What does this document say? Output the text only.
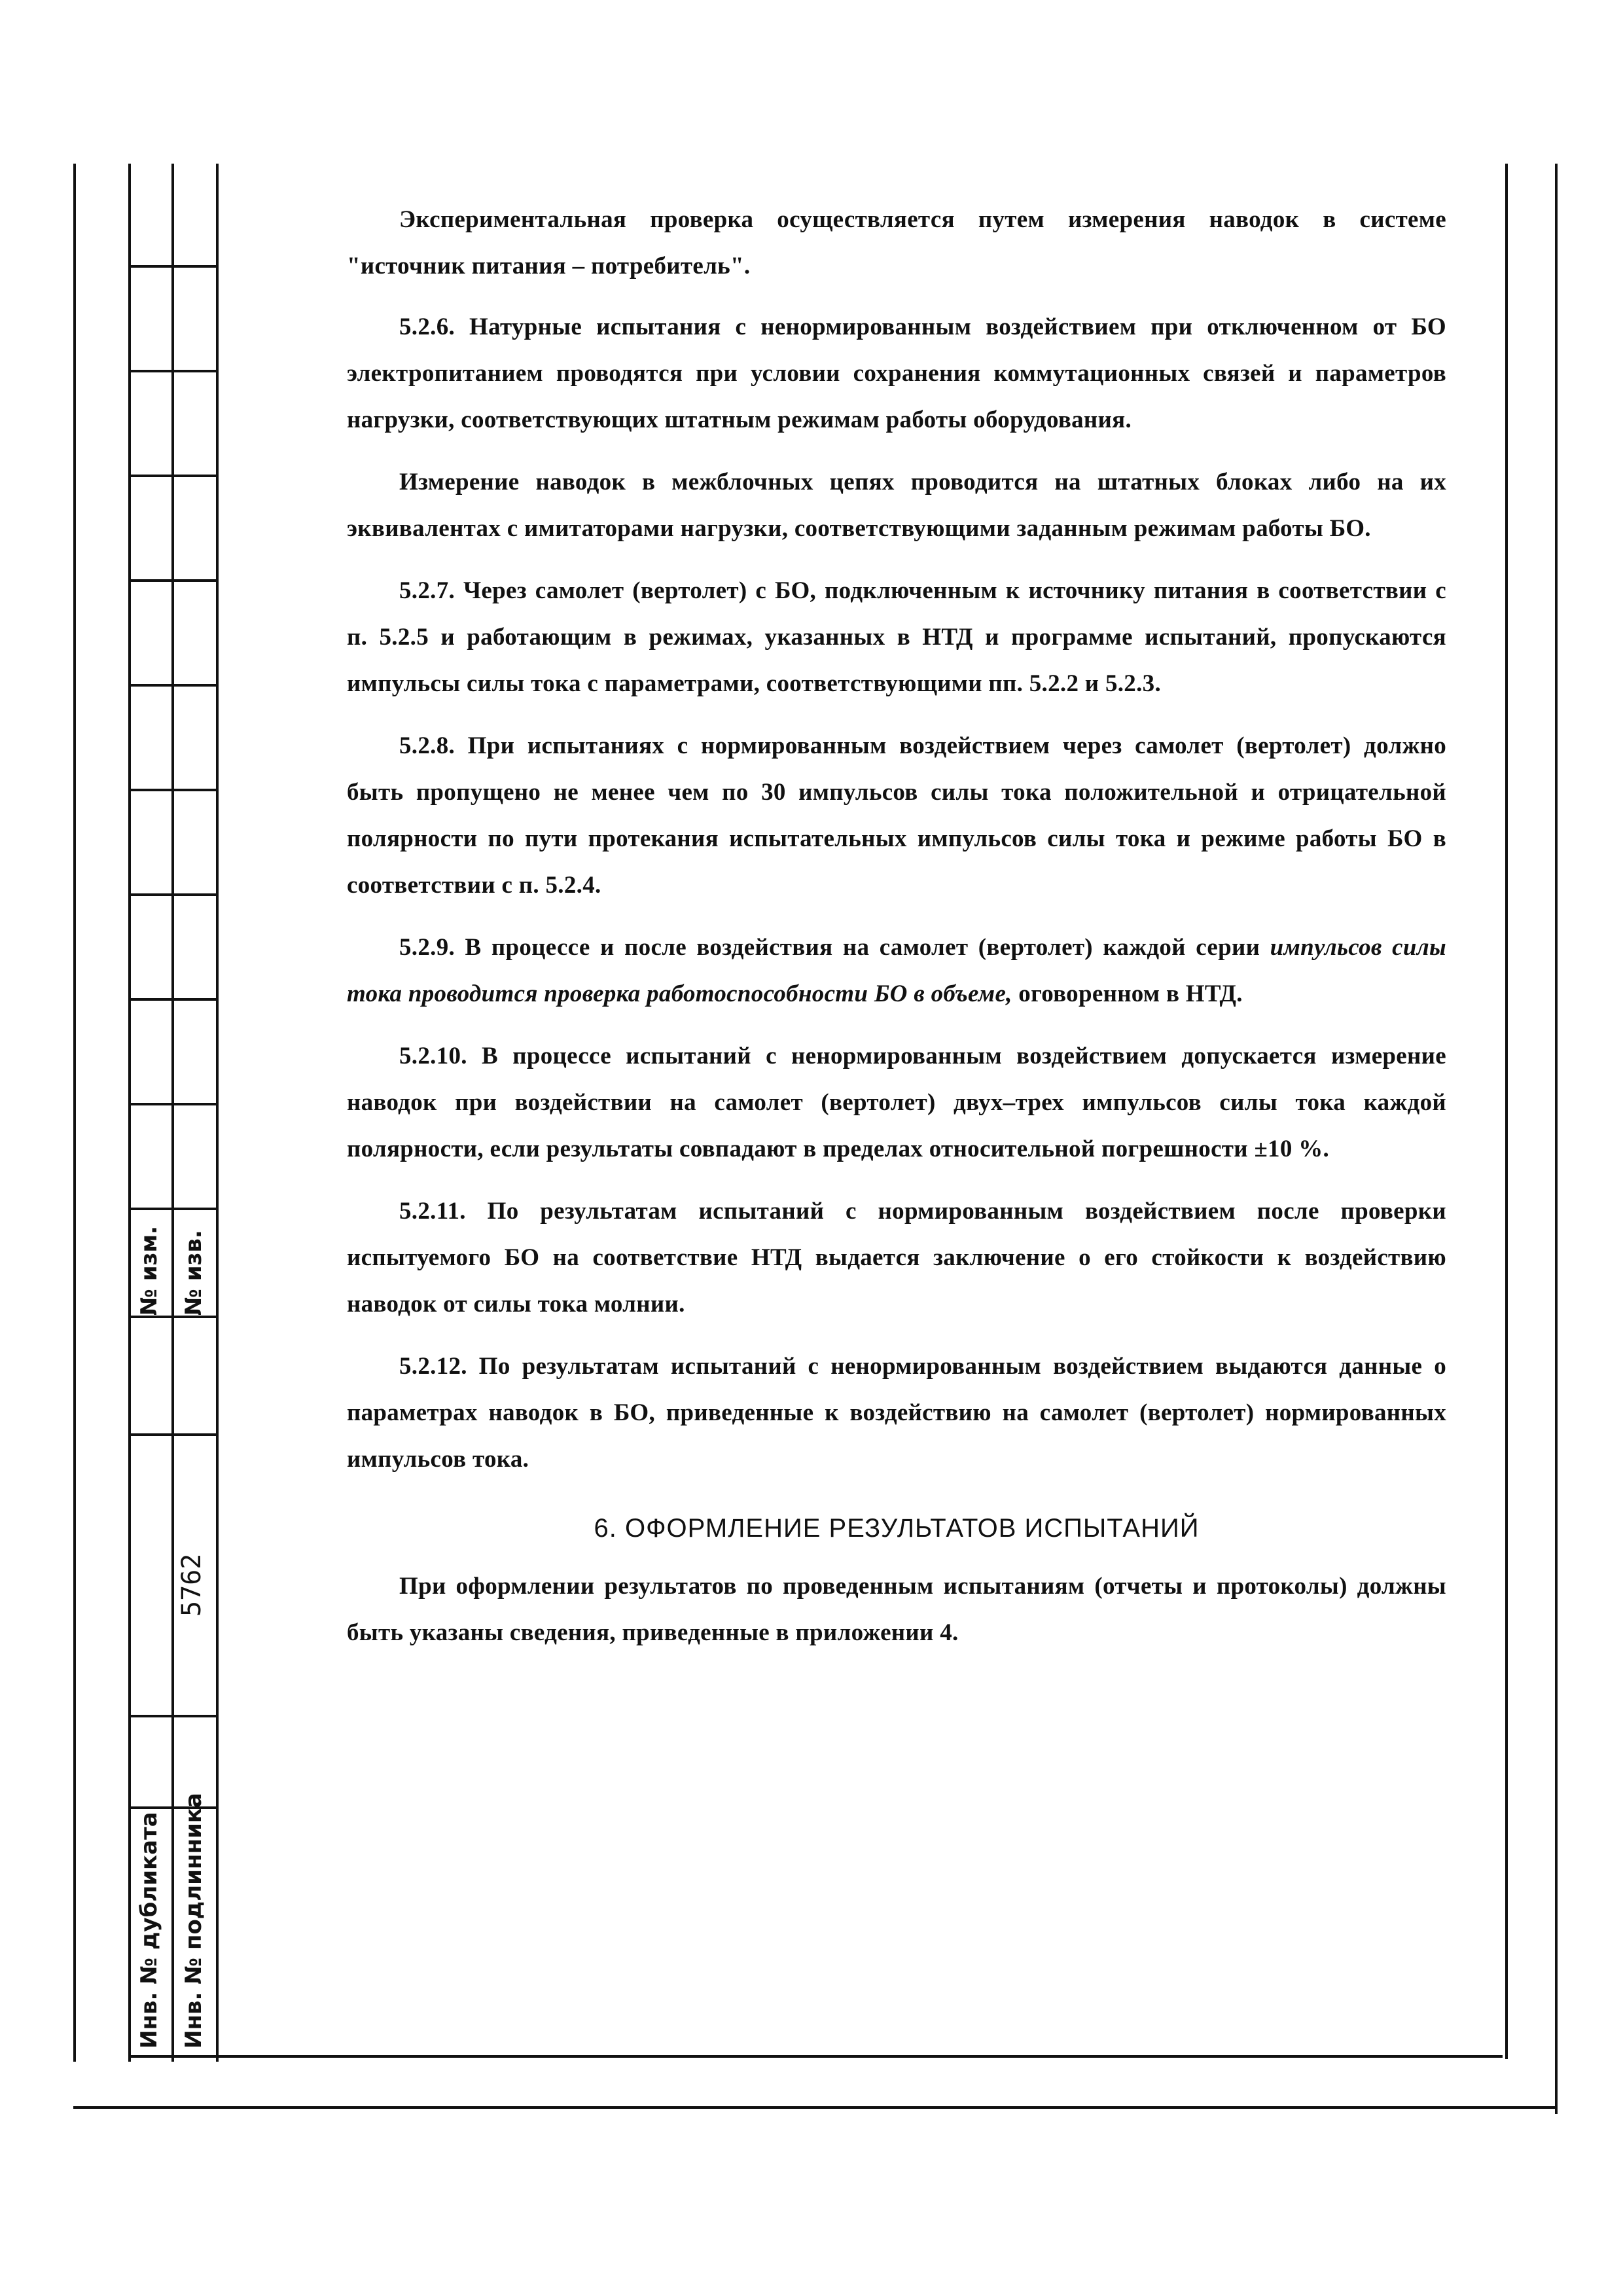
№ изм. № изв.
Инв. № дубликата Инв. № подлинника
5762

Экспериментальная проверка осуществляется путем измерения наводок в системе "источник питания – потребитель".

5.2.6. Натурные испытания с ненормированным воздействием при отключенном от БО электропитанием проводятся при условии сохранения коммутационных связей и параметров нагрузки, соответствующих штатным режимам работы оборудования.

Измерение наводок в межблочных цепях проводится на штатных блоках либо на их эквивалентах с имитаторами нагрузки, соответствующими заданным режимам работы БО.

5.2.7. Через самолет (вертолет) с БО, подключенным к источнику питания в соответствии с п. 5.2.5 и работающим в режимах, указанных в НТД и программе испытаний, пропускаются импульсы силы тока с параметрами, соответствующими пп. 5.2.2 и 5.2.3.

5.2.8. При испытаниях с нормированным воздействием через самолет (вертолет) должно быть пропущено не менее чем по 30 импульсов силы тока положительной и отрицательной полярности по пути протекания испытательных импульсов силы тока и режиме работы БО в соответствии с п. 5.2.4.

5.2.9. В процессе и после воздействия на самолет (вертолет) каждой серии импульсов силы тока проводится проверка работоспособности БО в объеме, оговоренном в НТД.

5.2.10. В процессе испытаний с ненормированным воздействием допускается измерение наводок при воздействии на самолет (вертолет) двух–трех импульсов силы тока каждой полярности, если результаты совпадают в пределах относительной погрешности ±10 %.

5.2.11. По результатам испытаний с нормированным воздействием после проверки испытуемого БО на соответствие НТД выдается заключение о его стойкости к воздействию наводок от силы тока молнии.

5.2.12. По результатам испытаний с ненормированным воздействием выдаются данные о параметрах наводок в БО, приведенные к воздействию на самолет (вертолет) нормированных импульсов тока.

6. ОФОРМЛЕНИЕ РЕЗУЛЬТАТОВ ИСПЫТАНИЙ

При оформлении результатов по проведенным испытаниям (отчеты и протоколы) должны быть указаны сведения, приведенные в приложении 4.
